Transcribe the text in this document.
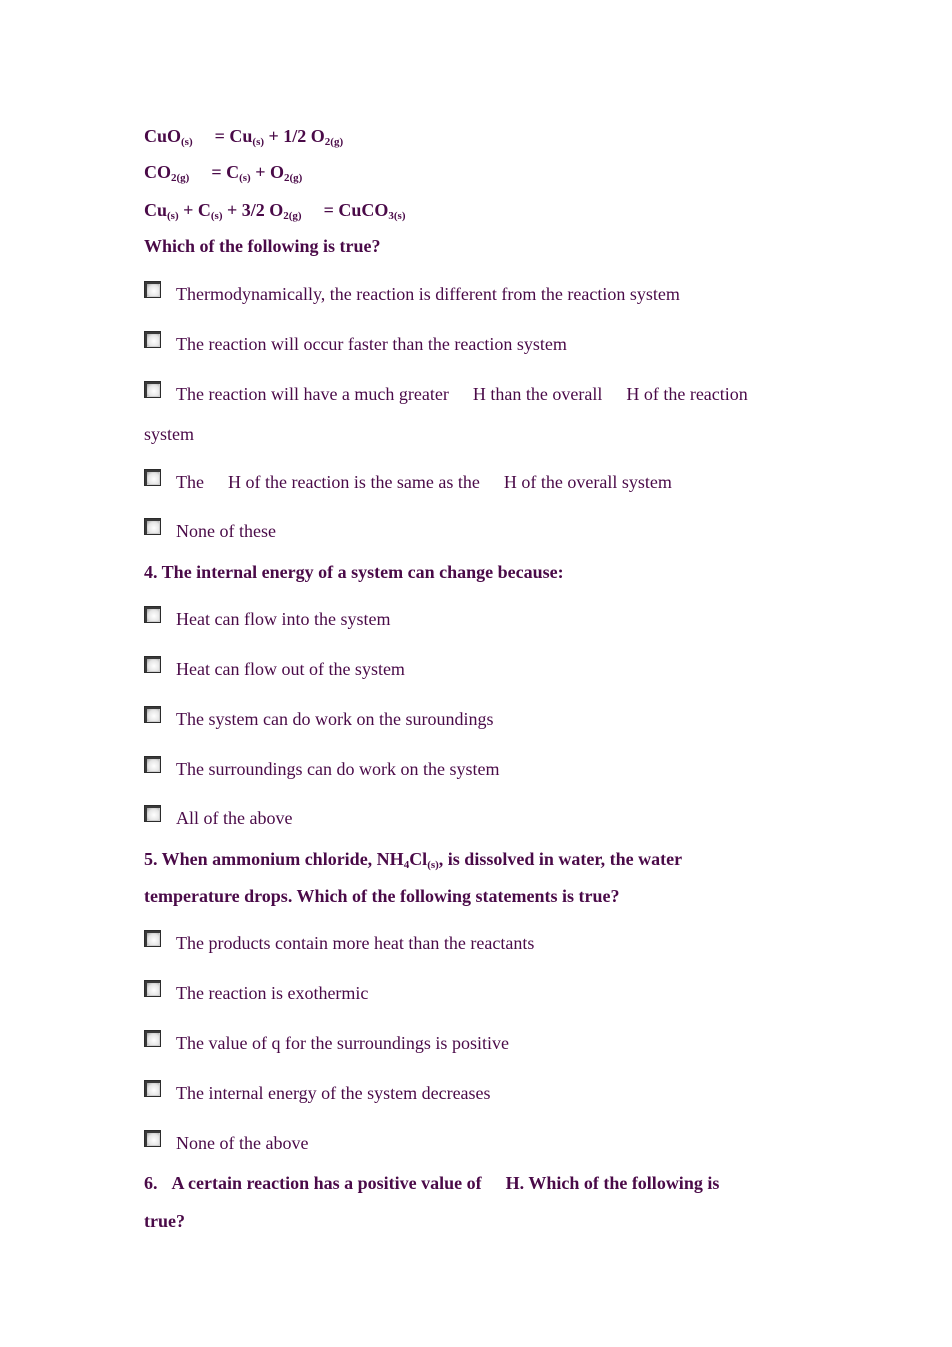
$CuO_{(s)} = Cu_{(s)} + 1/2$ $O_{2(g)}$
$CO_{2(g)} = C_{(s)} + O_{2(g)}$
$Cu_{(s)} + C_{(s)} + 3/2$ $O_{2(g)}$ = CuCO$_{3(s)}$
Which of the following is true?
Thermodynamically, the reaction is different from the reaction system
The reaction will occur faster than the reaction system
The reaction will have a much greater H than the overall H of the reaction
system
The H of the reaction is the same as the H of the overall system
None of these
4. The internal energy of a system can change because:
Heat can flow into the system
Heat can flow out of the system
The system can do work on the suroundings
The surroundings can do work on the system
All of the above
5. When ammonium chloride, $NH_4Cl_{(s)}$, is dissolved in water, the water
temperature drops. Which of the following statements is true?
The products contain more heat than the reactants
The reaction is exothermic
The value of q for the surroundings is positive
The internal energy of the system decreases
None of the above
6. A certain reaction has a positive value of H. Which of the following is
true?
